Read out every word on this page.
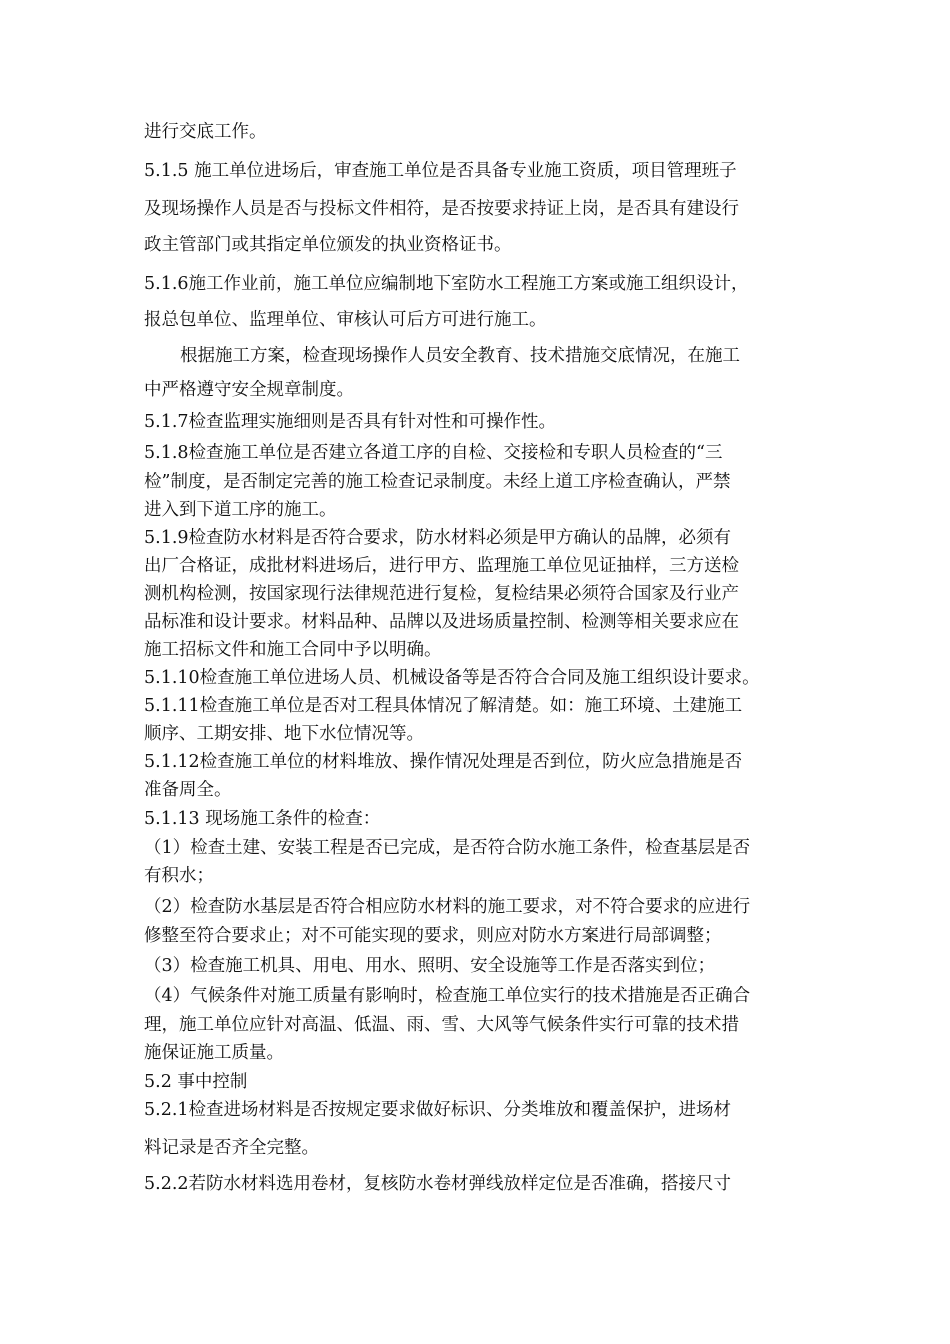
进行交底工作。
5.1.5 施工单位进场后，审查施工单位是否具备专业施工资质，项目管理班子
及现场操作人员是否与投标文件相符，是否按要求持证上岗，是否具有建设行
政主管部门或其指定单位颁发的执业资格证书。
5.1.6施工作业前，施工单位应编制地下室防水工程施工方案或施工组织设计，
报总包单位、监理单位、审核认可后方可进行施工。
根据施工方案，检查现场操作人员安全教育、技术措施交底情况，在施工
中严格遵守安全规章制度。
5.1.7检查监理实施细则是否具有针对性和可操作性。
5.1.8检查施工单位是否建立各道工序的自检、交接检和专职人员检查的“三
检”制度，是否制定完善的施工检查记录制度。未经上道工序检查确认，严禁
进入到下道工序的施工。
5.1.9检查防水材料是否符合要求，防水材料必须是甲方确认的品牌，必须有
出厂合格证，成批材料进场后，进行甲方、监理施工单位见证抽样，三方送检
测机构检测，按国家现行法律规范进行复检，复检结果必须符合国家及行业产
品标准和设计要求。材料品种、品牌以及进场质量控制、检测等相关要求应在
施工招标文件和施工合同中予以明确。
5.1.10检查施工单位进场人员、机械设备等是否符合合同及施工组织设计要求。
5.1.11检查施工单位是否对工程具体情况了解清楚。如：施工环境、土建施工
顺序、工期安排、地下水位情况等。
5.1.12检查施工单位的材料堆放、操作情况处理是否到位，防火应急措施是否
准备周全。
5.1.13 现场施工条件的检查：
（1）检查土建、安装工程是否已完成，是否符合防水施工条件，检查基层是否
有积水；
（2）检查防水基层是否符合相应防水材料的施工要求，对不符合要求的应进行
修整至符合要求止；对不可能实现的要求，则应对防水方案进行局部调整；
（3）检查施工机具、用电、用水、照明、安全设施等工作是否落实到位；
（4）气候条件对施工质量有影响时，检查施工单位实行的技术措施是否正确合
理，施工单位应针对高温、低温、雨、雪、大风等气候条件实行可靠的技术措
施保证施工质量。
5.2 事中控制
5.2.1检查进场材料是否按规定要求做好标识、分类堆放和覆盖保护，进场材
料记录是否齐全完整。
5.2.2若防水材料选用卷材，复核防水卷材弹线放样定位是否准确，搭接尺寸
